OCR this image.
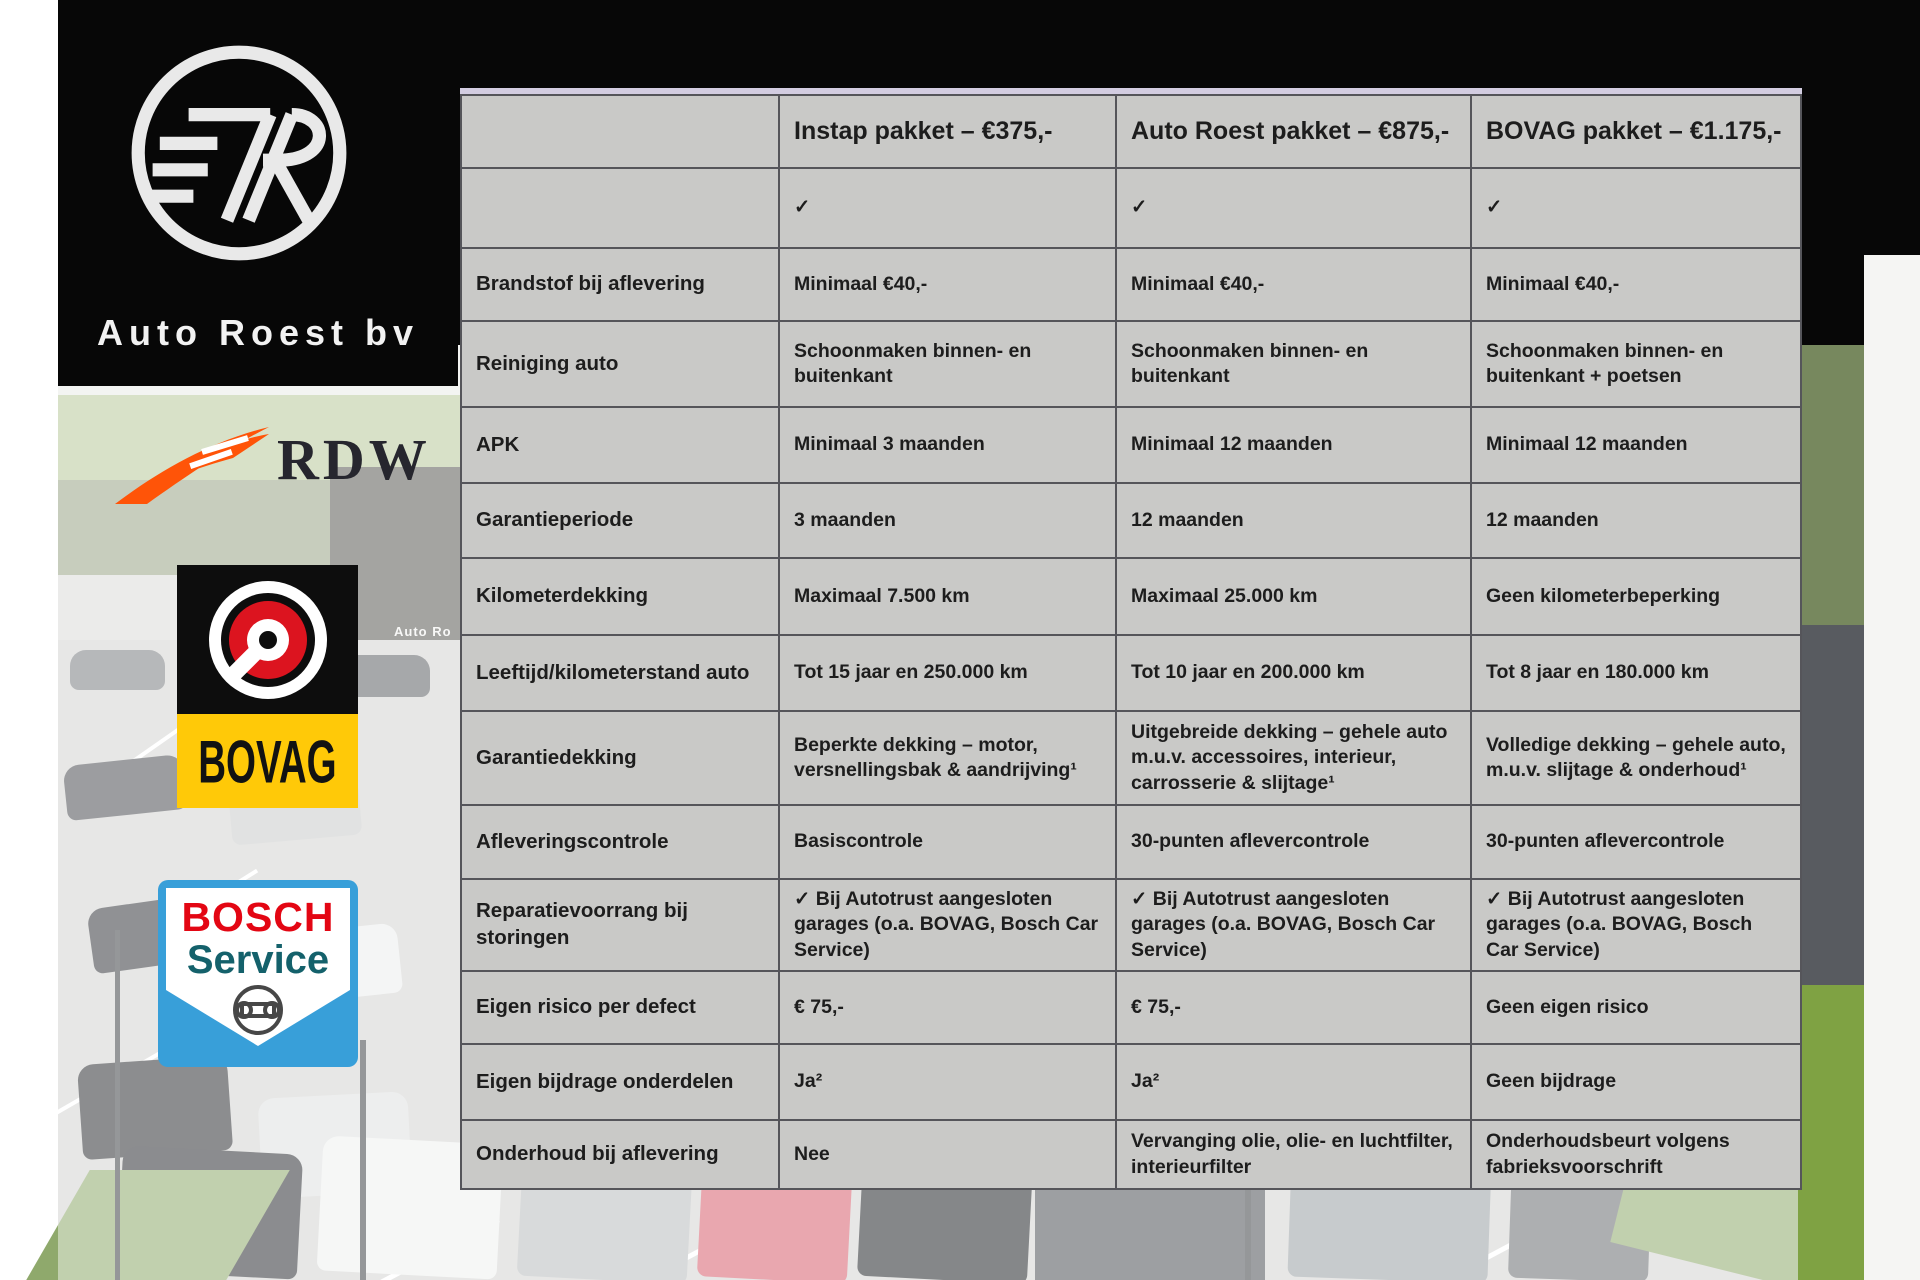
Auto Ro
Auto Roest bv
RDW
BOVAG
BOSCH
Service
	Instap pakket – €375,-	Auto Roest pakket – €875,-	BOVAG pakket – €1.175,-
	✓	✓	✓
Brandstof bij aflevering	Minimaal €40,-	Minimaal €40,-	Minimaal €40,-
Reiniging auto	Schoonmaken binnen- en buitenkant	Schoonmaken binnen- en buitenkant	Schoonmaken binnen- en buitenkant + poetsen
APK	Minimaal 3 maanden	Minimaal 12 maanden	Minimaal 12 maanden
Garantieperiode	3 maanden	12 maanden	12 maanden
Kilometerdekking	Maximaal 7.500 km	Maximaal 25.000 km	Geen kilometerbeperking
Leeftijd/kilometerstand auto	Tot 15 jaar en 250.000 km	Tot 10 jaar en 200.000 km	Tot 8 jaar en 180.000 km
Garantiedekking	Beperkte dekking – motor, versnellingsbak & aandrijving¹	Uitgebreide dekking – gehele auto m.u.v. accessoires, interieur, carrosserie & slijtage¹	Volledige dekking – gehele auto, m.u.v. slijtage & onderhoud¹
Afleveringscontrole	Basiscontrole	30-punten aflevercontrole	30-punten aflevercontrole
Reparatievoorrang bij storingen	✓ Bij Autotrust aangesloten garages (o.a. BOVAG, Bosch Car Service)	✓ Bij Autotrust aangesloten garages (o.a. BOVAG, Bosch Car Service)	✓ Bij Autotrust aangesloten garages (o.a. BOVAG, Bosch Car Service)
Eigen risico per defect	€ 75,-	€ 75,-	Geen eigen risico
Eigen bijdrage onderdelen	Ja²	Ja²	Geen bijdrage
Onderhoud bij aflevering	Nee	Vervanging olie, olie- en luchtfilter, interieurfilter	Onderhoudsbeurt volgens fabrieksvoorschrift
